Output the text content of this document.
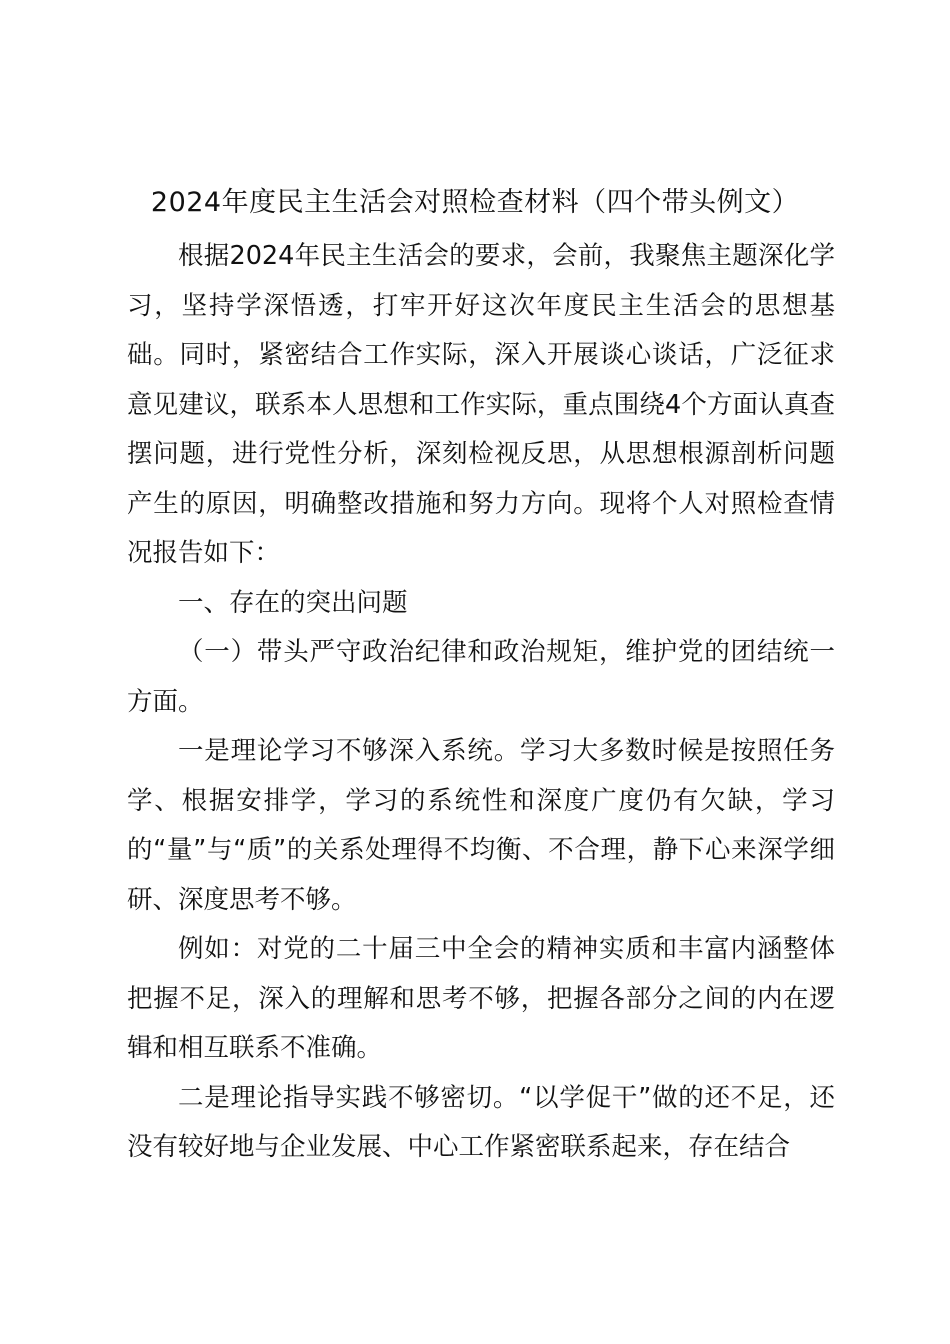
2024年度民主生活会对照检查材料（四个带头例文）

根据2024年民主生活会的要求，会前，我聚焦主题深化学习，坚持学深悟透，打牢开好这次年度民主生活会的思想基础。同时，紧密结合工作实际，深入开展谈心谈话，广泛征求意见建议，联系本人思想和工作实际，重点围绕4个方面认真查摆问题，进行党性分析，深刻检视反思，从思想根源剖析问题产生的原因，明确整改措施和努力方向。现将个人对照检查情况报告如下：

一、存在的突出问题

（一）带头严守政治纪律和政治规矩，维护党的团结统一方面。

一是理论学习不够深入系统。学习大多数时候是按照任务学、根据安排学，学习的系统性和深度广度仍有欠缺，学习的“量”与“质”的关系处理得不均衡、不合理，静下心来深学细研、深度思考不够。

例如：对党的二十届三中全会的精神实质和丰富内涵整体把握不足，深入的理解和思考不够，把握各部分之间的内在逻辑和相互联系不准确。

二是理论指导实践不够密切。“以学促干”做的还不足，还没有较好地与企业发展、中心工作紧密联系起来，存在结合
